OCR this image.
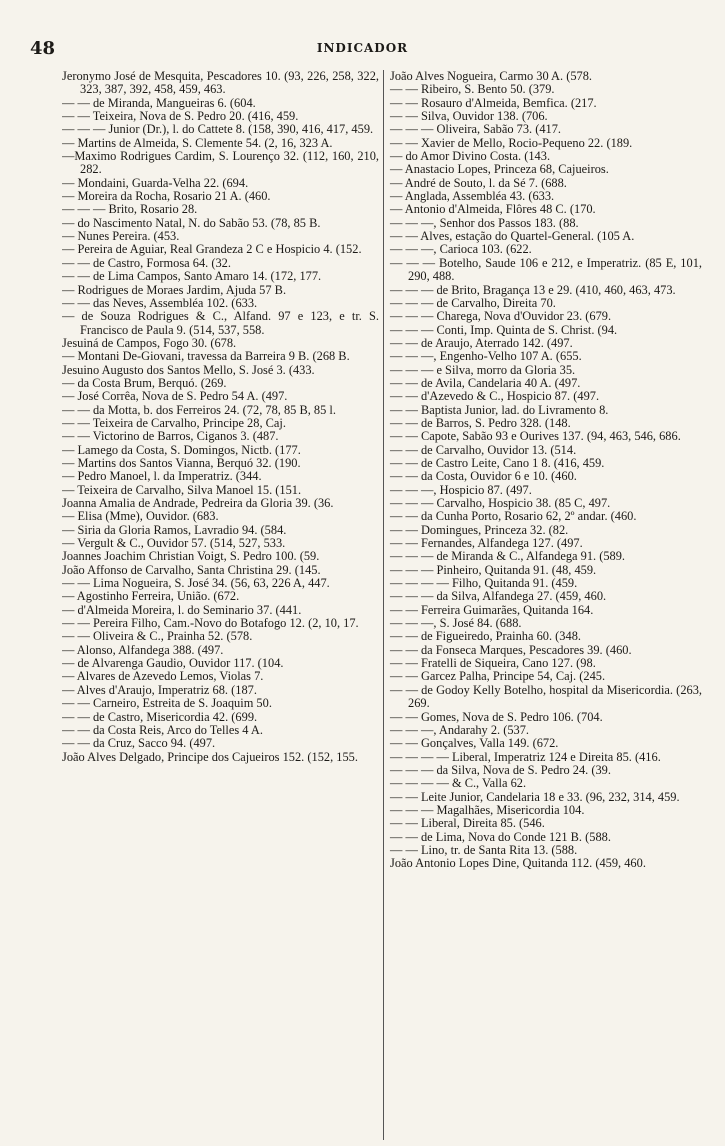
48	INDICADOR

Jeronymo José de Mesquita, Pescadores 10. (93, 226, 258, 322, 323, 387, 392, 458, 459, 463.

— — de Miranda, Mangueiras 6. (604.

— — Teixeira, Nova de S. Pedro 20. (416, 459.

— — — Junior (Dr.), l. do Cattete 8. (158, 390, 416, 417, 459.

— Martins de Almeida, S. Clemente 54. (2, 16, 323 A.

—Maximo Rodrigues Cardim, S. Lourenço 32. (112, 160, 210, 282.

— Mondaini, Guarda-Velha 22. (694.

— Moreira da Rocha, Rosario 21 A. (460.

— — — Brito, Rosario 28.

— do Nascimento Natal, N. do Sabão 53. (78, 85 B.

— Nunes Pereira. (453.

— Pereira de Aguiar, Real Grandeza 2 C e Hospicio 4. (152.

— — de Castro, Formosa 64. (32.

— — de Lima Campos, Santo Amaro 14. (172, 177.

— Rodrigues de Moraes Jardim, Ajuda 57 B.

— — das Neves, Assembléa 102. (633.

— de Souza Rodrigues & C., Alfand. 97 e 123, e tr. S. Francisco de Paula 9. (514, 537, 558.

Jesuiná de Campos, Fogo 30. (678.

— Montani De-Giovani, travessa da Barreira 9 B. (268 B.

Jesuino Augusto dos Santos Mello, S. José 3. (433.

— da Costa Brum, Berquó. (269.

— José Corrêa, Nova de S. Pedro 54 A. (497.

— — da Motta, b. dos Ferreiros 24. (72, 78, 85 B, 85 l.

— — Teixeira de Carvalho, Principe 28, Caj.

— — Victorino de Barros, Ciganos 3. (487.

— Lamego da Costa, S. Domingos, Nictb. (177.

— Martins dos Santos Vianna, Berquó 32. (190.

— Pedro Manoel, l. da Imperatriz. (344.

— Teixeira de Carvalho, Silva Manoel 15. (151.

Joanna Amalia de Andrade, Pedreira da Gloria 39. (36.

— Elisa (Mme), Ouvidor. (683.

— Siria da Gloria Ramos, Lavradio 94. (584.

— Vergult & C., Ouvidor 57. (514, 527, 533.

Joannes Joachim Christian Voigt, S. Pedro 100. (59.

João Affonso de Carvalho, Santa Christina 29. (145.

— — Lima Nogueira, S. José 34. (56, 63, 226 A, 447.

— Agostinho Ferreira, União. (672.

— d'Almeida Moreira, l. do Seminario 37. (441.

— — Pereira Filho, Cam.-Novo do Botafogo 12. (2, 10, 17.

— — Oliveira & C., Prainha 52. (578.

— Alonso, Alfandega 388. (497.

— de Alvarenga Gaudio, Ouvidor 117. (104.

— Alvares de Azevedo Lemos, Violas 7.

— Alves d'Araujo, Imperatriz 68. (187.

— — Carneiro, Estreita de S. Joaquim 50.

— — de Castro, Misericordia 42. (699.

— — da Costa Reis, Arco do Telles 4 A.

— — da Cruz, Sacco 94. (497.

João Alves Delgado, Principe dos Cajueiros 152. (152, 155.

João Alves Nogueira, Carmo 30 A. (578.

— — Ribeiro, S. Bento 50. (379.

— — Rosauro d'Almeida, Bemfica. (217.

— — Silva, Ouvidor 138. (706.

— — — Oliveira, Sabão 73. (417.

— — Xavier de Mello, Rocio-Pequeno 22. (189.

— do Amor Divino Costa. (143.

— Anastacio Lopes, Princeza 68, Cajueiros.

— André de Souto, l. da Sé 7. (688.

— Anglada, Assembléa 43. (633.

— Antonio d'Almeida, Flôres 48 C. (170.

— — —, Senhor dos Passos 183. (88.

— — Alves, estação do Quartel-General. (105 A.

— — —, Carioca 103. (622.

— — — Botelho, Saude 106 e 212, e Imperatriz. (85 E, 101, 290, 488.

— — — de Brito, Bragança 13 e 29. (410, 460, 463, 473.

— — — de Carvalho, Direita 70.

— — — Charega, Nova d'Ouvidor 23. (679.

— — — Conti, Imp. Quinta de S. Christ. (94.

— — de Araujo, Aterrado 142. (497.

— — —, Engenho-Velho 107 A. (655.

— — — e Silva, morro da Gloria 35.

— — de Avila, Candelaria 40 A. (497.

— — d'Azevedo & C., Hospicio 87. (497.

— — Baptista Junior, lad. do Livramento 8.

— — de Barros, S. Pedro 328. (148.

— — Capote, Sabão 93 e Ourives 137. (94, 463, 546, 686.

— — de Carvalho, Ouvidor 13. (514.

— — de Castro Leite, Cano 1 8. (416, 459.

— — da Costa, Ouvidor 6 e 10. (460.

— — —, Hospicio 87. (497.

— — — Carvalho, Hospicio 38. (85 C, 497.

— — da Cunha Porto, Rosario 62, 2º andar. (460.

— — Domingues, Princeza 32. (82.

— — Fernandes, Alfandega 127. (497.

— — — de Miranda & C., Alfandega 91. (589.

— — — Pinheiro, Quitanda 91. (48, 459.

— — — — Filho, Quitanda 91. (459.

— — — da Silva, Alfandega 27. (459, 460.

— — Ferreira Guimarães, Quitanda 164.

— — —, S. José 84. (688.

— — de Figueiredo, Prainha 60. (348.

— — da Fonseca Marques, Pescadores 39. (460.

— — Fratelli de Siqueira, Cano 127. (98.

— — Garcez Palha, Principe 54, Caj. (245.

— — de Godoy Kelly Botelho, hospital da Misericordia. (263, 269.

— — Gomes, Nova de S. Pedro 106. (704.

— — —, Andarahy 2. (537.

— — Gonçalves, Valla 149. (672.

— — — — Liberal, Imperatriz 124 e Direita 85. (416.

— — — da Silva, Nova de S. Pedro 24. (39.

— — — — & C., Valla 62.

— — Leite Junior, Candelaria 18 e 33. (96, 232, 314, 459.

— — — Magalhães, Misericordia 104.

— — Liberal, Direita 85. (546.

— — de Lima, Nova do Conde 121 B. (588.

— — Lino, tr. de Santa Rita 13. (588.

João Antonio Lopes Dine, Quitanda 112. (459, 460.
